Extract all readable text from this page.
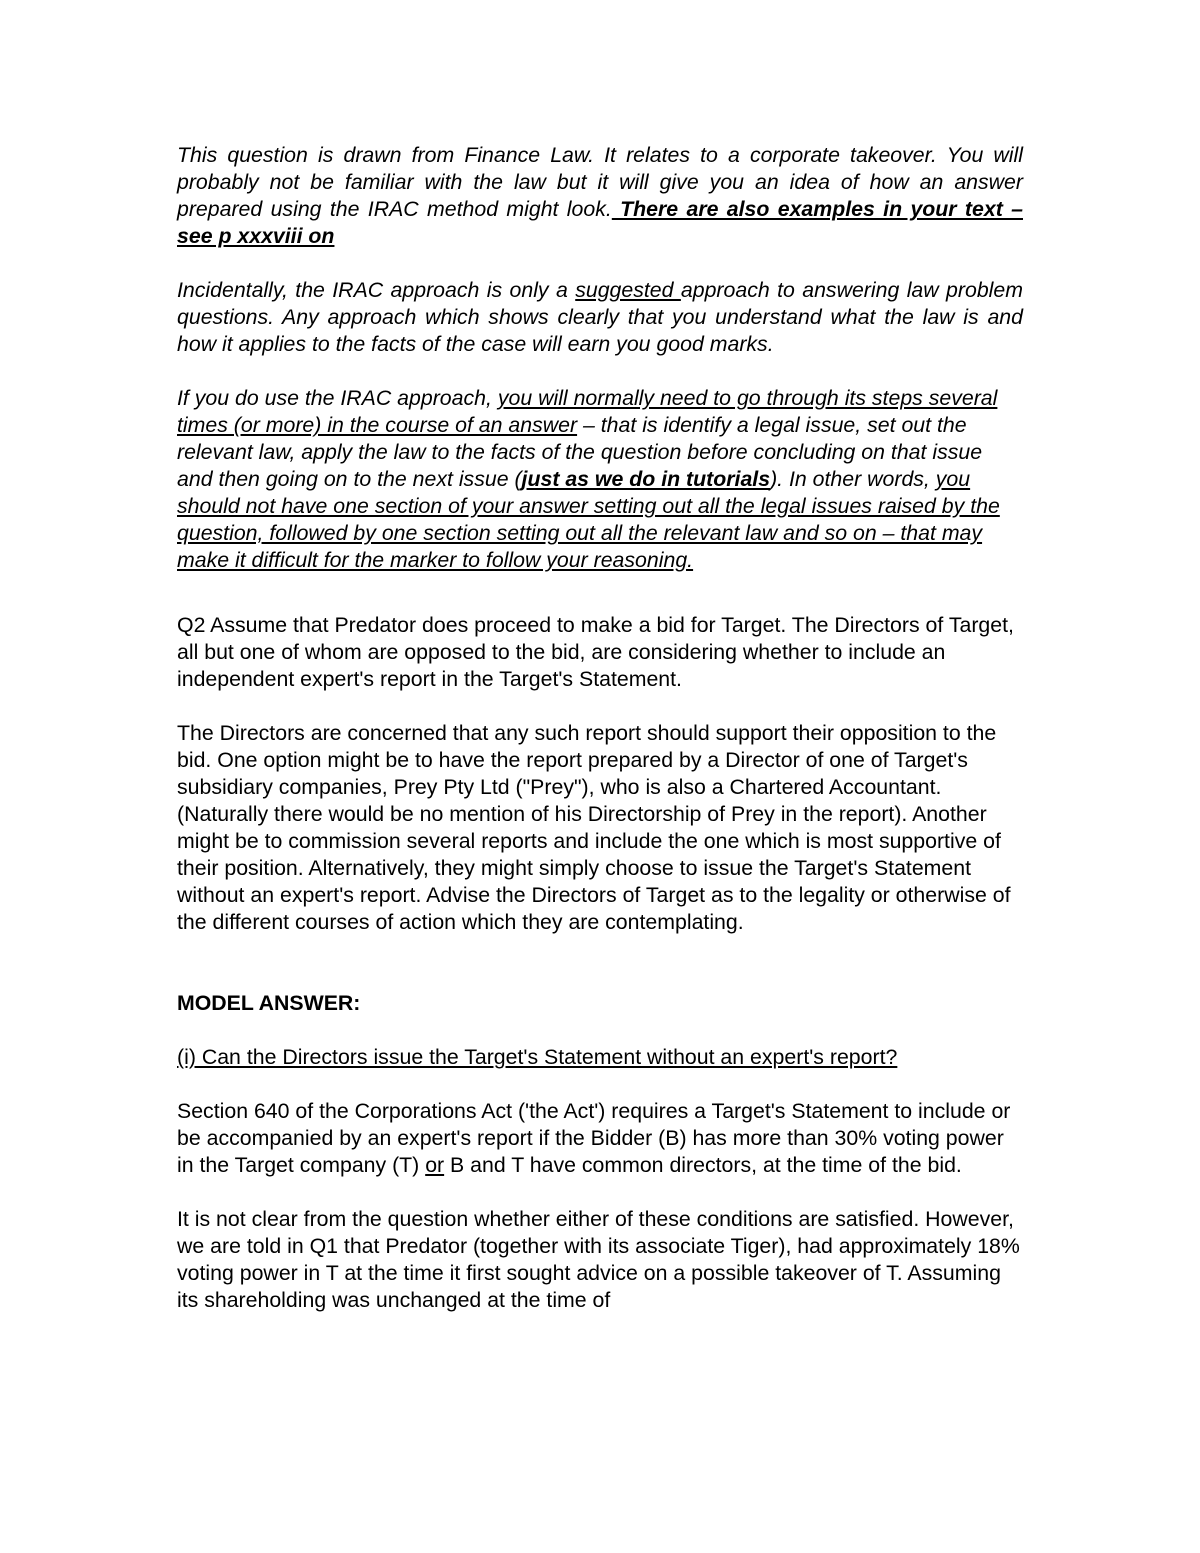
This question is drawn from Finance Law. It relates to a corporate takeover. You will probably not be familiar with the law but it will give you an idea of how an answer prepared using the IRAC method might look. There are also examples in your text – see p xxxviii on

Incidentally, the IRAC approach is only a suggested approach to answering law problem questions. Any approach which shows clearly that you understand what the law is and how it applies to the facts of the case will earn you good marks.

If you do use the IRAC approach, you will normally need to go through its steps several times (or more) in the course of an answer – that is identify a legal issue, set out the relevant law, apply the law to the facts of the question before concluding on that issue and then going on to the next issue (just as we do in tutorials). In other words, you should not have one section of your answer setting out all the legal issues raised by the question, followed by one section setting out all the relevant law and so on – that may make it difficult for the marker to follow your reasoning.

Q2 Assume that Predator does proceed to make a bid for Target. The Directors of Target, all but one of whom are opposed to the bid, are considering whether to include an independent expert's report in the Target's Statement.

The Directors are concerned that any such report should support their opposition to the bid. One option might be to have the report prepared by a Director of one of Target's subsidiary companies, Prey Pty Ltd ("Prey"), who is also a Chartered Accountant. (Naturally there would be no mention of his Directorship of Prey in the report). Another might be to commission several reports and include the one which is most supportive of their position. Alternatively, they might simply choose to issue the Target's Statement without an expert's report. Advise the Directors of Target as to the legality or otherwise of the different courses of action which they are contemplating.

MODEL ANSWER:

(i) Can the Directors issue the Target's Statement without an expert's report?

Section 640 of the Corporations Act ('the Act') requires a Target's Statement to include or be accompanied by an expert's report if the Bidder (B) has more than 30% voting power in the Target company (T) or B and T have common directors, at the time of the bid.

It is not clear from the question whether either of these conditions are satisfied. However, we are told in Q1 that Predator (together with its associate Tiger), had approximately 18% voting power in T at the time it first sought advice on a possible takeover of T. Assuming its shareholding was unchanged at the time of
